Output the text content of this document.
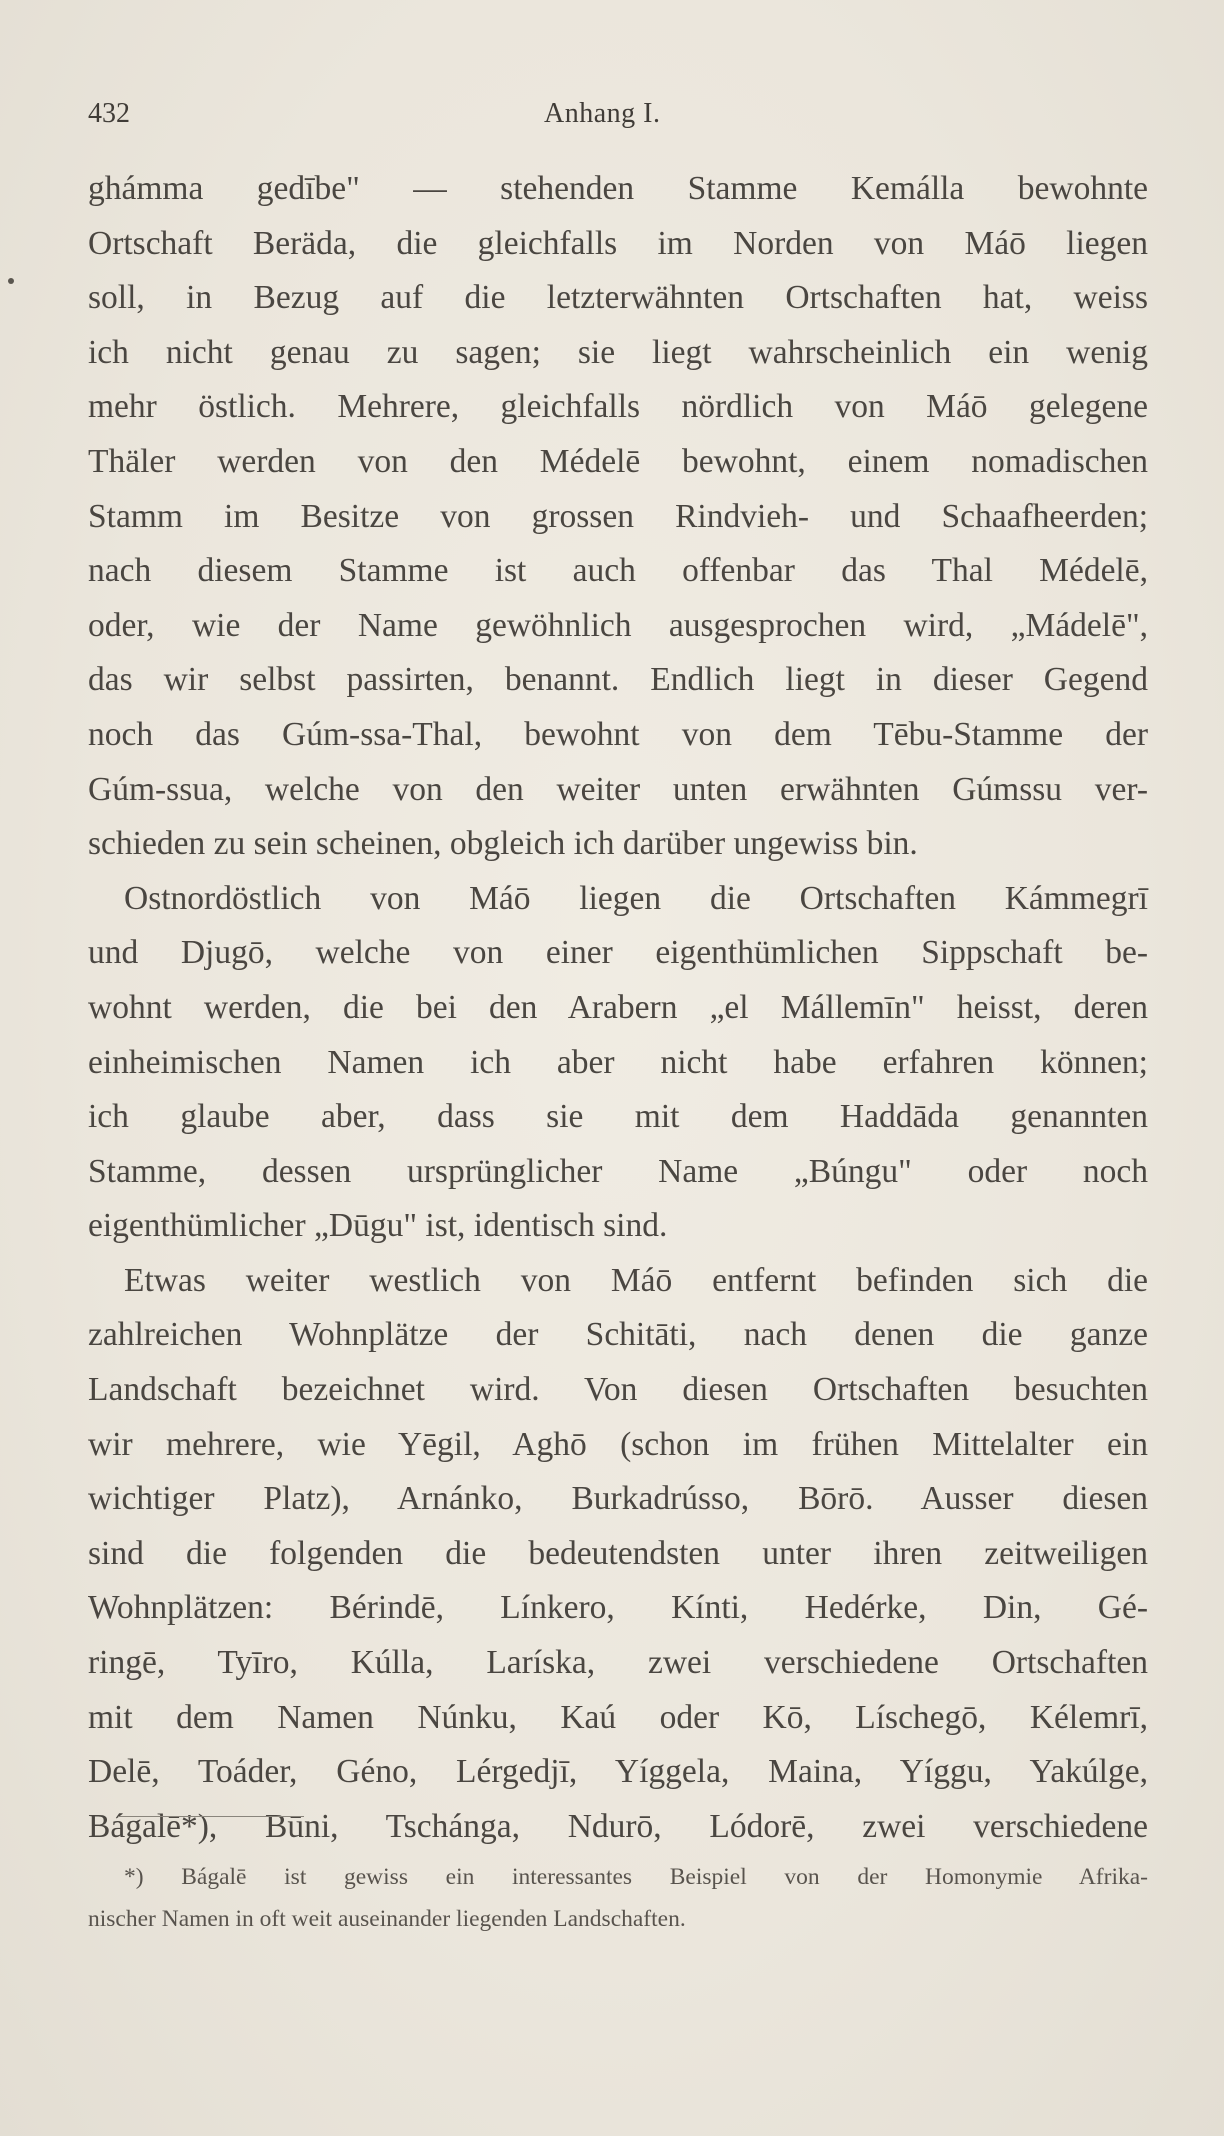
432	Anhang I.
ghámma gedībe" — stehenden Stamme Kemálla bewohnte
Ortschaft Beräda, die gleichfalls im Norden von Máō liegen
soll, in Bezug auf die letzterwähnten Ortschaften hat, weiss
ich nicht genau zu sagen; sie liegt wahrscheinlich ein wenig
mehr östlich. Mehrere, gleichfalls nördlich von Máō gelegene
Thäler werden von den Médelē bewohnt, einem nomadischen
Stamm im Besitze von grossen Rindvieh- und Schaafheerden;
nach diesem Stamme ist auch offenbar das Thal Médelē,
oder, wie der Name gewöhnlich ausgesprochen wird, „Mádelē",
das wir selbst passirten, benannt. Endlich liegt in dieser Gegend
noch das Gúm-ssa-Thal, bewohnt von dem Tēbu-Stamme der
Gúm-ssua, welche von den weiter unten erwähnten Gúmssu ver-
schieden zu sein scheinen, obgleich ich darüber ungewiss bin.
Ostnordöstlich von Máō liegen die Ortschaften Kámmegrī
und Djugō, welche von einer eigenthümlichen Sippschaft be-
wohnt werden, die bei den Arabern „el Mállemīn" heisst, deren
einheimischen Namen ich aber nicht habe erfahren können;
ich glaube aber, dass sie mit dem Haddāda genannten
Stamme, dessen ursprünglicher Name „Búngu" oder noch
eigenthümlicher „Dūgu" ist, identisch sind.
Etwas weiter westlich von Máō entfernt befinden sich die
zahlreichen Wohnplätze der Schitāti, nach denen die ganze
Landschaft bezeichnet wird. Von diesen Ortschaften besuchten
wir mehrere, wie Yēgil, Aghō (schon im frühen Mittelalter ein
wichtiger Platz), Arnánko, Burkadrússo, Bōrō. Ausser diesen
sind die folgenden die bedeutendsten unter ihren zeitweiligen
Wohnplätzen: Bérindē, Línkero, Kínti, Hedérke, Din, Gé-
ringē, Tyīro, Kúlla, Laríska, zwei verschiedene Ortschaften
mit dem Namen Núnku, Kaú oder Kō, Líschegō, Kélemrī,
Delē, Toáder, Géno, Lérgedjī, Yíggela, Maina, Yíggu, Yakúlge,
Bágalē*), Būni, Tschánga, Ndurō, Lódorē, zwei verschiedene
*) Bágalē ist gewiss ein interessantes Beispiel von der Homonymie Afrika-
nischer Namen in oft weit auseinander liegenden Landschaften.
